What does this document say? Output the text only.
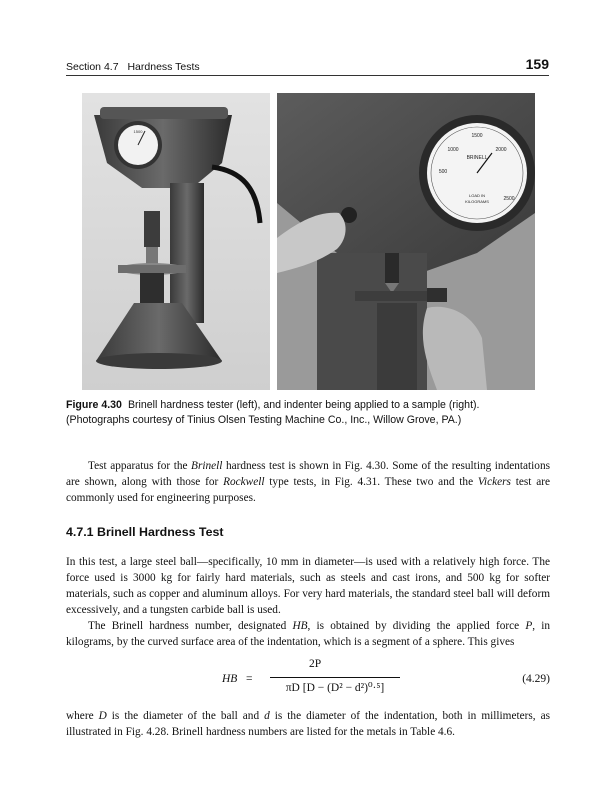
Section 4.7 Hardness Tests	159
1500
1500
1000	2000
500
2500
BRINELL
LOAD IN
KILOGRAMS
Figure 4.30 Brinell hardness tester (left), and indenter being applied to a sample (right).
(Photographs courtesy of Tinius Olsen Testing Machine Co., Inc., Willow Grove, PA.)
Test apparatus for the Brinell hardness test is shown in Fig. 4.30. Some of the resulting indentations are shown, along with those for Rockwell type tests, in Fig. 4.31. These two and the Vickers test are commonly used for engineering purposes.
4.7.1 Brinell Hardness Test
In this test, a large steel ball—specifically, 10 mm in diameter—is used with a relatively high force. The force used is 3000 kg for fairly hard materials, such as steels and cast irons, and 500 kg for softer materials, such as copper and aluminum alloys. For very hard materials, the standard steel ball will deform excessively, and a tungsten carbide ball is used.
The Brinell hardness number, designated HB, is obtained by dividing the applied force P, in kilograms, by the curved surface area of the indentation, which is a segment of a sphere. This gives
HB =
2P
πD [D − (D² − d²)⁰·⁵]
(4.29)
where D is the diameter of the ball and d is the diameter of the indentation, both in millimeters, as illustrated in Fig. 4.28. Brinell hardness numbers are listed for the metals in Table 4.6.
